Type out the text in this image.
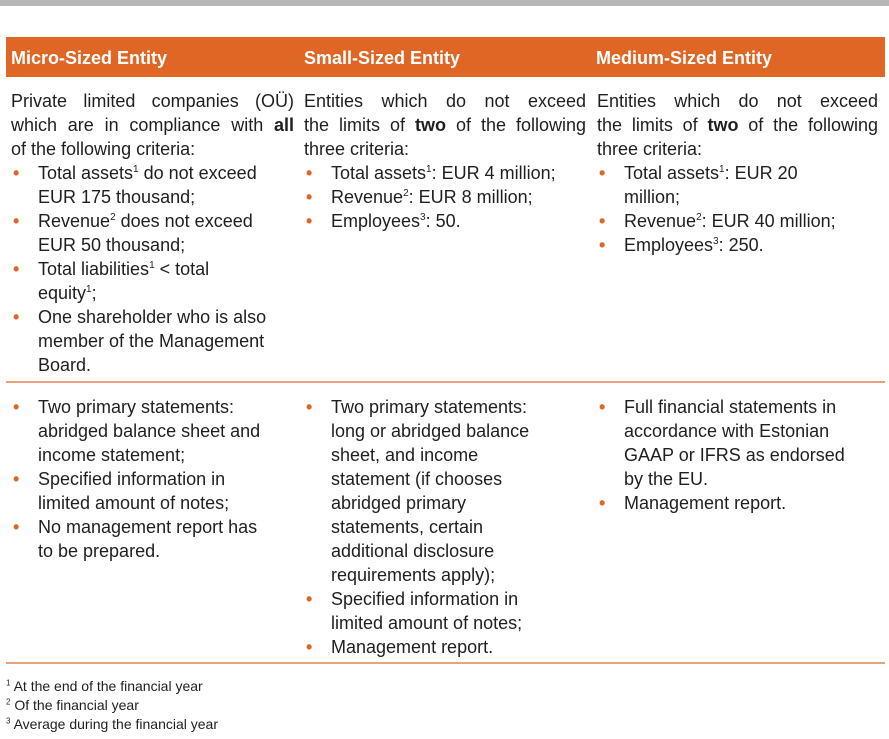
Micro-Sized Entity	Small-Sized Entity	Medium-Sized Entity
Private limited companies (OÜ)
which are in compliance with all
of the following criteria:
• Total assets$^1$ do not exceed
EUR 175 thousand;
• Revenue$^2$ does not exceed
EUR 50 thousand;
• Total liabilities$^1$ < total
equity$^1$;
• One shareholder who is also
member of the Management
Board.
Entities which do not exceed
the limits of two of the following
three criteria:
• Total assets$^1$: EUR 4 million;
• Revenue$^2$: EUR 8 million;
• Employees$^3$: 50.
Entities which do not exceed
the limits of two of the following
three criteria:
• Total assets$^1$: EUR 20
million;
• Revenue$^2$: EUR 40 million;
• Employees$^3$: 250.
• Two primary statements:
abridged balance sheet and
income statement;
• Specified information in
limited amount of notes;
• No management report has
to be prepared.
• Two primary statements:
long or abridged balance
sheet, and income
statement (if chooses
abridged primary
statements, certain
additional disclosure
requirements apply);
• Specified information in
limited amount of notes;
• Management report.
• Full financial statements in
accordance with Estonian
GAAP or IFRS as endorsed
by the EU.
• Management report.
$^1$ At the end of the financial year
$^2$ Of the financial year
$^3$ Average during the financial year
